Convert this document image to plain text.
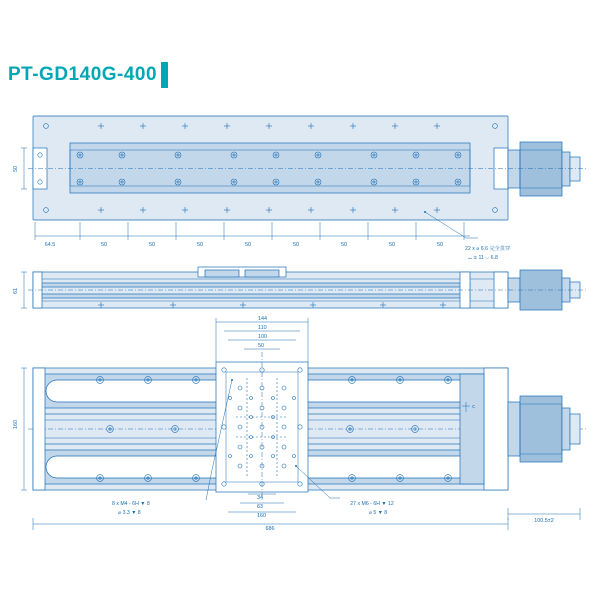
PT-GD140G-400
50
64.5	50	50	50	50	50	50	50	50
22 x ⌀ 6.6 完全贯穿
⌴ ⌀ 11 ⌵ 6.8
61
144
110
100
50
34
63
160
160
686
100.5±2
C
8 x M4 - 6H ▼ 8
⌀ 3.3 ▼ 8
27 x M6 - 6H ▼ 12
⌀ 5 ▼ 8
